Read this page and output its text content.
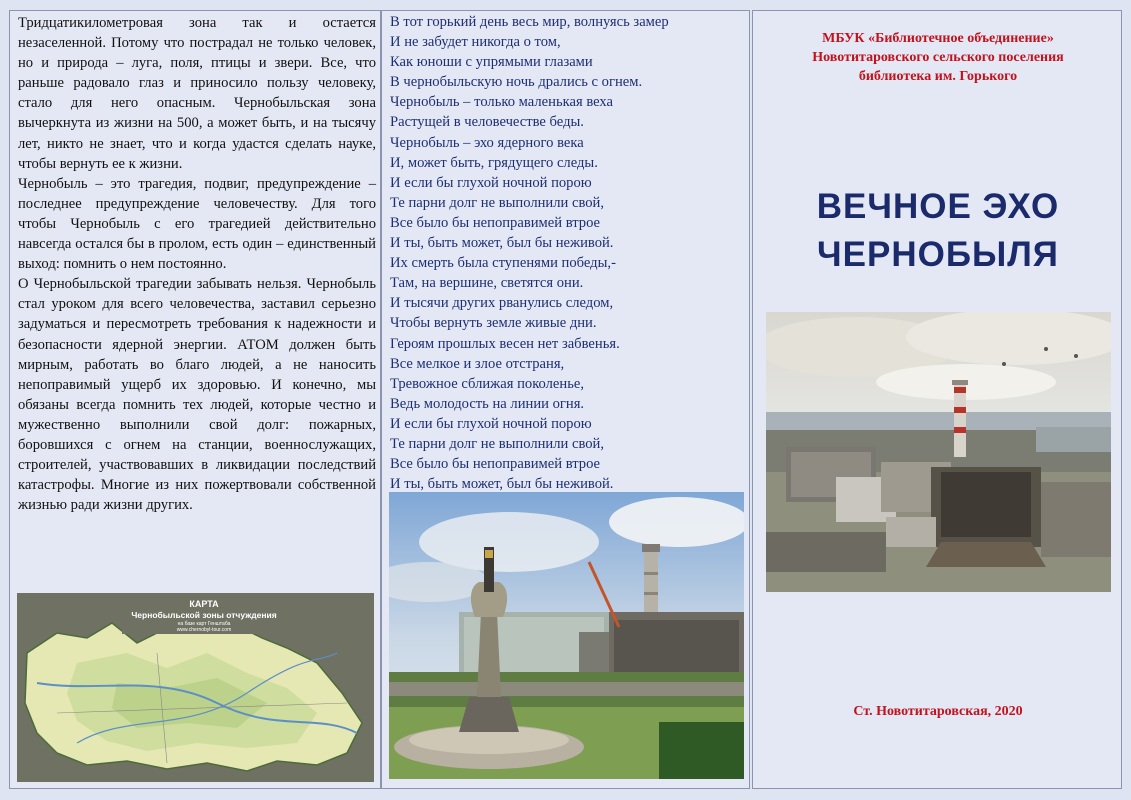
Тридцатикилометровая зона так и остается незаселенной. Потому что пострадал не только человек, но и природа – луга, поля, птицы и звери. Все, что раньше радовало глаз и приносило пользу человеку, стало для него опасным. Чернобыльская зона вычеркнута из жизни на 500, а может быть, и на тысячу лет, никто не знает, что и когда удастся сделать науке, чтобы вернуть ее к жизни.

Чернобыль – это трагедия, подвиг, предупреждение – последнее предупреждение человечеству. Для того чтобы Чернобыль с его трагедией действительно навсегда остался бы в пролом, есть один – единственный выход: помнить о нем постоянно.

О Чернобыльской трагедии забывать нельзя. Чернобыль стал уроком для всего человечества, заставил серьезно задуматься и пересмотреть требования к надежности и безопасности ядерной энергии. АТОМ должен быть мирным, работать во благо людей, а не наносить непоправимый ущерб их здоровью. И конечно, мы обязаны всегда помнить тех людей, которые честно и мужественно выполнили свой долг: пожарных, боровшихся с огнем на станции, военнослужащих, строителей, участвовавших в ликвидации последствий катастрофы. Многие из них пожертвовали собственной жизнью ради жизни других.

КАРТА
Чернобыльской зоны отчуждения
на базе карт Генштаба
www.chernobyl-tour.com
В тот горький день весь мир, волнуясь замер
И не забудет никогда о том,
Как юноши с упрямыми глазами
В чернобыльскую ночь дрались с огнем.
Чернобыль – только маленькая веха
Растущей в человечестве беды.
Чернобыль – эхо ядерного века
И, может быть, грядущего следы.
И если бы глухой ночной порою
Те парни долг не выполнили свой,
Все было бы непоправимей втрое
И ты, быть может, был бы неживой.
Их смерть была ступенями победы,-
Там, на вершине, светятся они.
И тысячи других рванулись следом,
Чтобы вернуть земле живые дни.
Героям прошлых весен нет забвенья.
Все мелкое и злое отстраня,
Тревожное сближая поколенье,
Ведь молодость на линии огня.
И если бы глухой ночной порою
Те парни долг не выполнили свой,
Все было бы непоправимей втрое
И ты, быть может, был бы неживой.
МБУК «Библиотечное объединение»
Новотитаровского сельского поселения
библиотека им. Горького
ВЕЧНОЕ ЭХО
ЧЕРНОБЫЛЯ
Ст. Новотитаровская, 2020
